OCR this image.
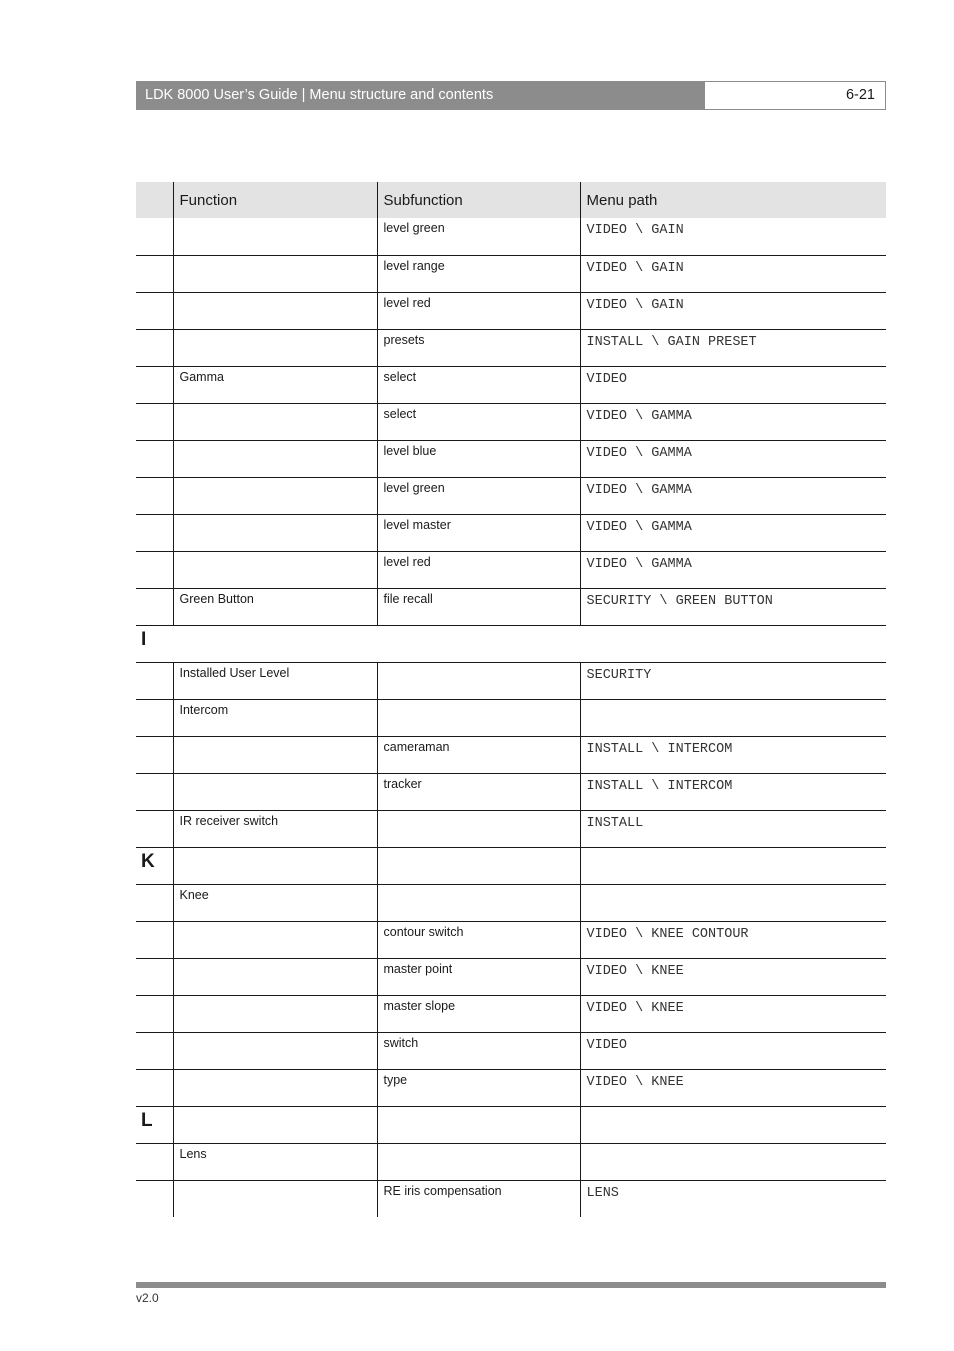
LDK 8000 User’s Guide | Menu structure and contents	6-21
	Function	Subfunction	Menu path

		level green	VIDEO \ GAIN

		level range	VIDEO \ GAIN

		level red	VIDEO \ GAIN

		presets	INSTALL \ GAIN PRESET

	Gamma	select	VIDEO

		select	VIDEO \ GAMMA

		level blue	VIDEO \ GAMMA

		level green	VIDEO \ GAMMA

		level master	VIDEO \ GAMMA

		level red	VIDEO \ GAMMA

	Green Button	file recall	SECURITY \ GREEN BUTTON

I			

	Installed User Level		SECURITY

	Intercom		

		cameraman	INSTALL \ INTERCOM

		tracker	INSTALL \ INTERCOM

	IR receiver switch		INSTALL

K			

	Knee		

		contour switch	VIDEO \ KNEE CONTOUR

		master point	VIDEO \ KNEE

		master slope	VIDEO \ KNEE

		switch	VIDEO

		type	VIDEO \ KNEE

L			

	Lens		

		RE iris compensation	LENS
v2.0
